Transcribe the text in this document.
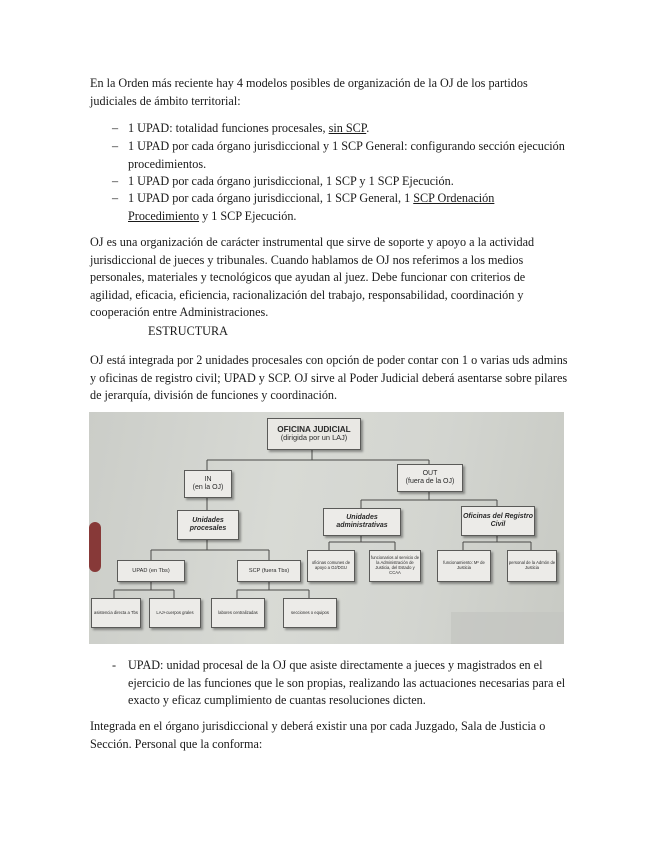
En la Orden más reciente hay 4 modelos posibles de organización de la OJ de los partidos judiciales de ámbito territorial:

– 1 UPAD: totalidad funciones procesales, sin SCP.
– 1 UPAD por cada órgano jurisdiccional y 1 SCP General: configurando sección ejecución procedimientos.
– 1 UPAD por cada órgano jurisdiccional, 1 SCP y 1 SCP Ejecución.
– 1 UPAD por cada órgano jurisdiccional, 1 SCP General, 1 SCP Ordenación Procedimiento y 1 SCP Ejecución.

OJ es una organización de carácter instrumental que sirve de soporte y apoyo a la actividad jurisdiccional de jueces y tribunales. Cuando hablamos de OJ nos referimos a los medios personales, materiales y tecnológicos que ayudan al juez. Debe funcionar con criterios de agilidad, eficacia, eficiencia, racionalización del trabajo, responsabilidad, coordinación y cooperación entre Administraciones.

ESTRUCTURA

OJ está integrada por 2 unidades procesales con opción de poder contar con 1 o varias uds admins y oficinas de registro civil; UPAD y SCP. OJ sirve al Poder Judicial deberá asentarse sobre pilares de jerarquía, división de funciones y coordinación.

OFICINA JUDICIAL
(dirigida por un LAJ)
IN
(en la OJ)
OUT
(fuera de la OJ)
Unidades procesales
Unidades administrativas
Oficinas del Registro Civil
UPAD (en Tbs)	SCP (fuera Tbs)
oficinas comunes de apoyo a OJ/DGU
funcionarios al servicio de la Administración de Justicia, del Estado y CCAA
funcionamiento: Mº de Justicia
personal de la Admón de Justicia
asistencia directa a Tbs	LAJ+cuerpos grales	labores centralizadas	secciones o equipos
- UPAD: unidad procesal de la OJ que asiste directamente a jueces y magistrados en el ejercicio de las funciones que le son propias, realizando las actuaciones necesarias para el exacto y eficaz cumplimiento de cuantas resoluciones dicten.

Integrada en el órgano jurisdiccional y deberá existir una por cada Juzgado, Sala de Justicia o Sección. Personal que la conforma:
